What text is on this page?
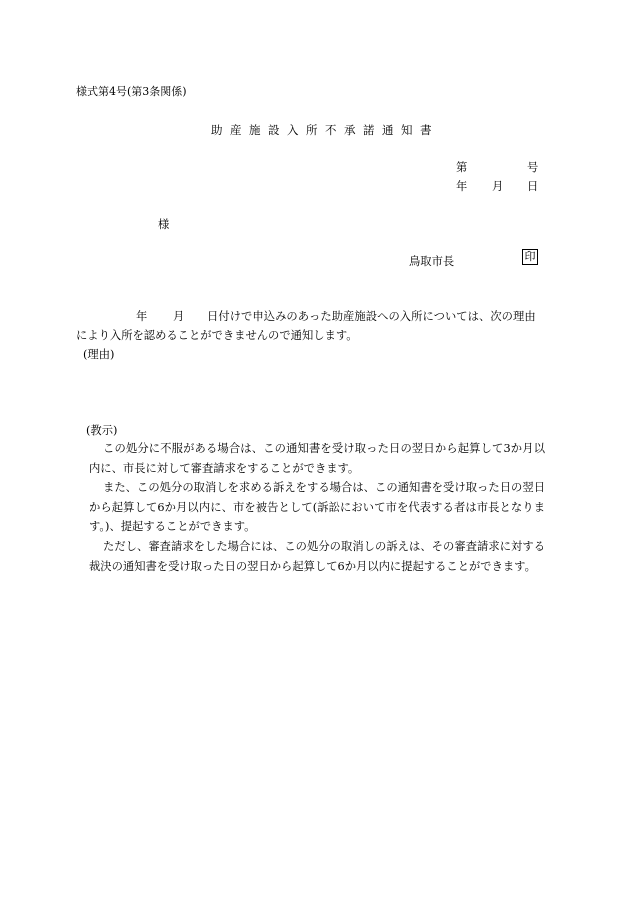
様式第4号(第3条関係)
助 産 施 設 入 所 不 承 諾 通 知 書
第	号
年 月 日
様
鳥取市長	印
年 月 日付けで申込みのあった助産施設への入所については、次の理由
により入所を認めることができませんので通知します。
(理由)
(教示)

この処分に不服がある場合は、この通知書を受け取った日の翌日から起算して3か月以内に、市長に対して審査請求をすることができます。

また、この処分の取消しを求める訴えをする場合は、この通知書を受け取った日の翌日から起算して6か月以内に、市を被告として(訴訟において市を代表する者は市長となります。)、提起することができます。

ただし、審査請求をした場合には、この処分の取消しの訴えは、その審査請求に対する裁決の通知書を受け取った日の翌日から起算して6か月以内に提起することができます。
